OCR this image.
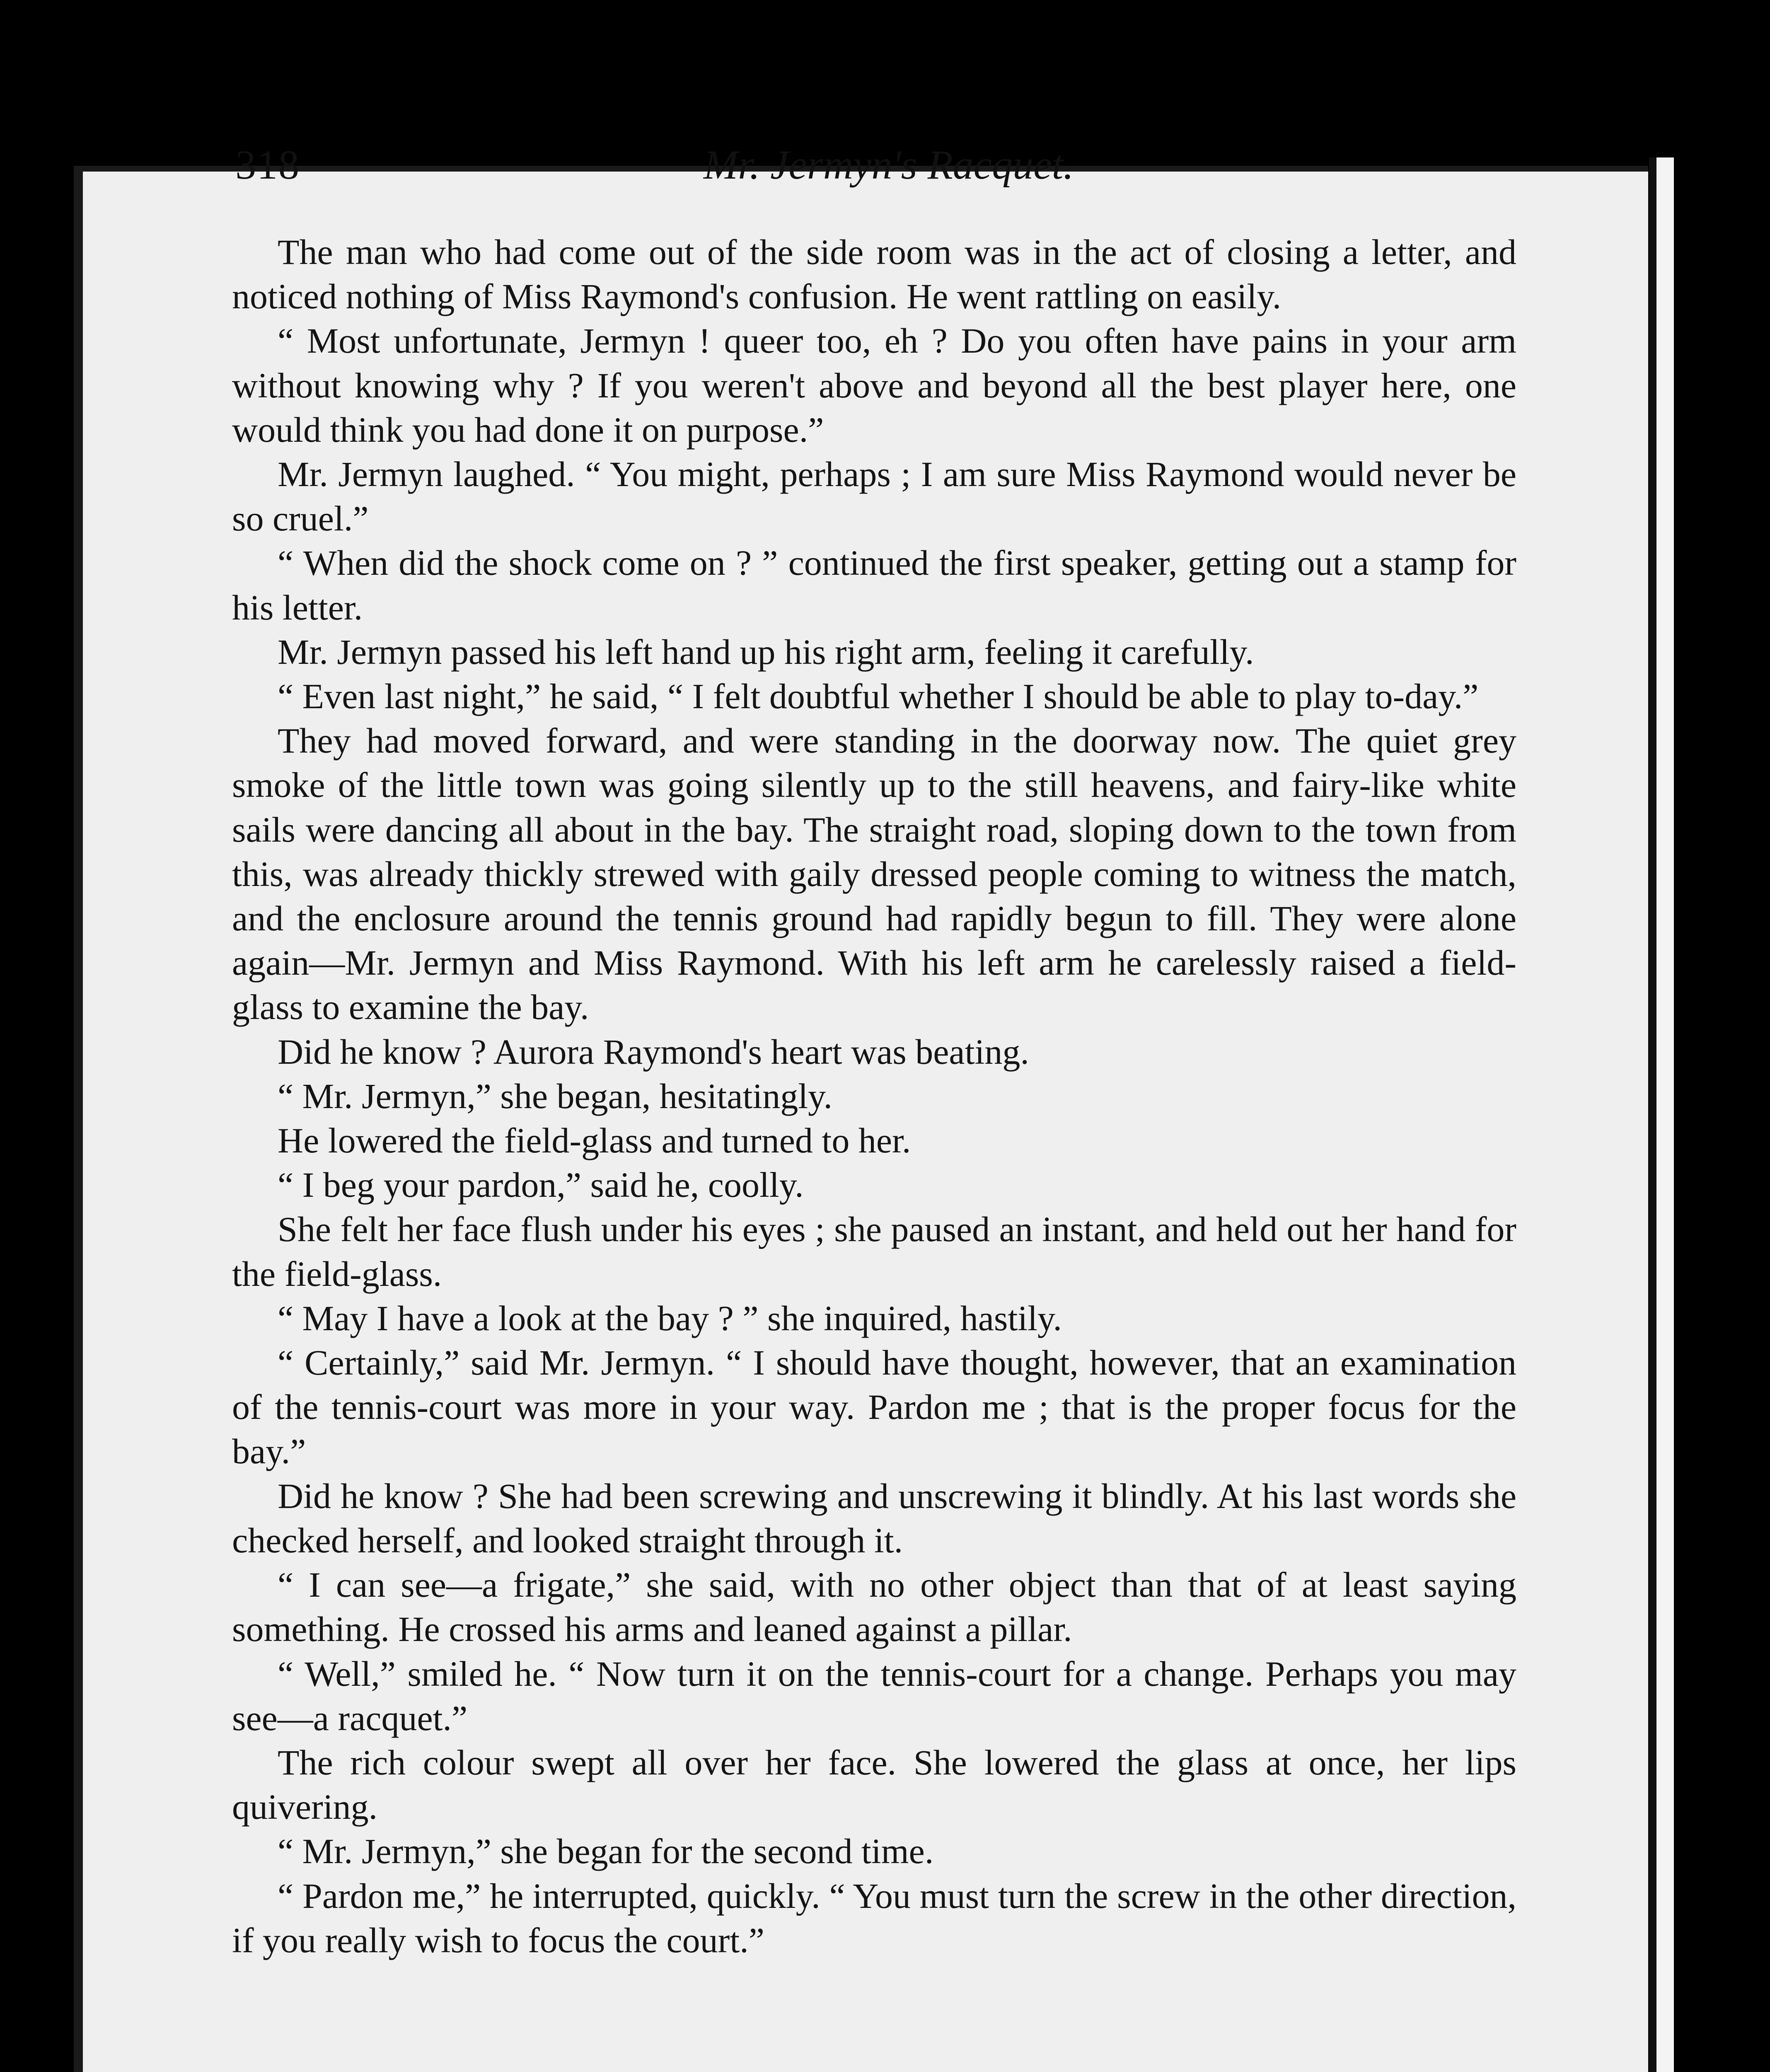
318	Mr. Jermyn's Racquet.

The man who had come out of the side room was in the act of closing a letter, and noticed nothing of Miss Raymond's confusion. He went rattling on easily.

“ Most unfortunate, Jermyn ! queer too, eh ? Do you often have pains in your arm without knowing why ? If you weren't above and beyond all the best player here, one would think you had done it on purpose.”

Mr. Jermyn laughed. “ You might, perhaps ; I am sure Miss Raymond would never be so cruel.”

“ When did the shock come on ? ” continued the first speaker, getting out a stamp for his letter.

Mr. Jermyn passed his left hand up his right arm, feeling it carefully.

“ Even last night,” he said, “ I felt doubtful whether I should be able to play to-day.”

They had moved forward, and were standing in the doorway now. The quiet grey smoke of the little town was going silently up to the still heavens, and fairy-like white sails were dancing all about in the bay. The straight road, sloping down to the town from this, was already thickly strewed with gaily dressed people coming to witness the match, and the enclosure around the tennis ground had rapidly begun to fill. They were alone again—Mr. Jermyn and Miss Raymond. With his left arm he carelessly raised a field-glass to examine the bay.

Did he know ? Aurora Raymond's heart was beating.

“ Mr. Jermyn,” she began, hesitatingly.

He lowered the field-glass and turned to her.

“ I beg your pardon,” said he, coolly.

She felt her face flush under his eyes ; she paused an instant, and held out her hand for the field-glass.

“ May I have a look at the bay ? ” she inquired, hastily.

“ Certainly,” said Mr. Jermyn. “ I should have thought, however, that an examination of the tennis-court was more in your way. Pardon me ; that is the proper focus for the bay.”

Did he know ? She had been screwing and unscrewing it blindly. At his last words she checked herself, and looked straight through it.

“ I can see—a frigate,” she said, with no other object than that of at least saying something. He crossed his arms and leaned against a pillar.

“ Well,” smiled he. “ Now turn it on the tennis-court for a change. Perhaps you may see—a racquet.”

The rich colour swept all over her face. She lowered the glass at once, her lips quivering.

“ Mr. Jermyn,” she began for the second time.

“ Pardon me,” he interrupted, quickly. “ You must turn the screw in the other direction, if you really wish to focus the court.”
